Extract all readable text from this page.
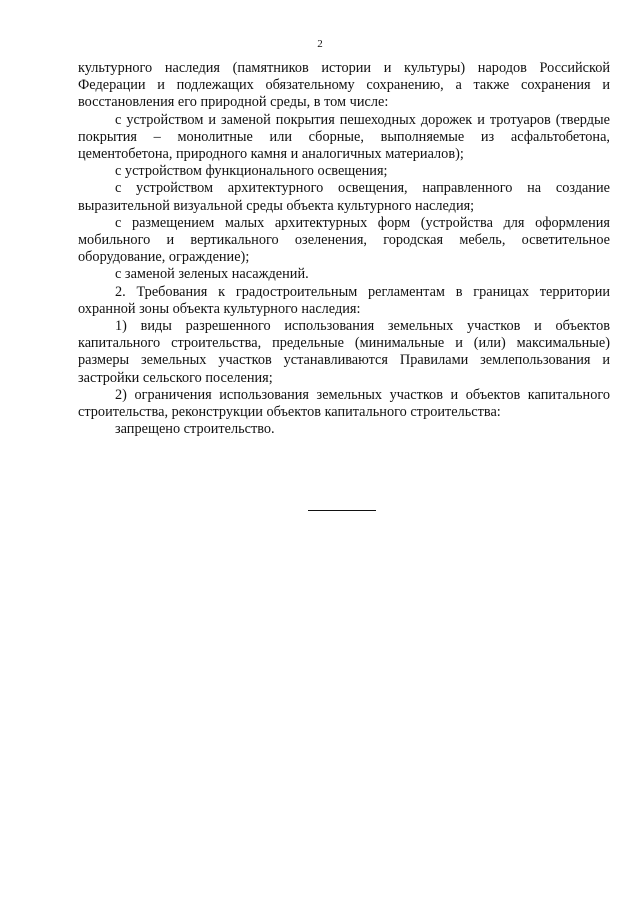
2

культурного наследия (памятников истории и культуры) народов Российской Федерации и подлежащих обязательному сохранению, а также сохранения и восстановления его природной среды, в том числе:

с устройством и заменой покрытия пешеходных дорожек и тротуаров (твердые покрытия – монолитные или сборные, выполняемые из асфальтобетона, цементобетона, природного камня и аналогичных материалов);

с устройством функционального освещения;

с устройством архитектурного освещения, направленного на создание выразительной визуальной среды объекта культурного наследия;

с размещением малых архитектурных форм (устройства для оформления мобильного и вертикального озеленения, городская мебель, осветительное оборудование, ограждение);

с заменой зеленых насаждений.

2. Требования к градостроительным регламентам в границах территории охранной зоны объекта культурного наследия:

1) виды разрешенного использования земельных участков и объектов капитального строительства, предельные (минимальные и (или) максимальные) размеры земельных участков устанавливаются Правилами землепользования и застройки сельского поселения;

2) ограничения использования земельных участков и объектов капитального строительства, реконструкции объектов капитального строительства:

запрещено строительство.
